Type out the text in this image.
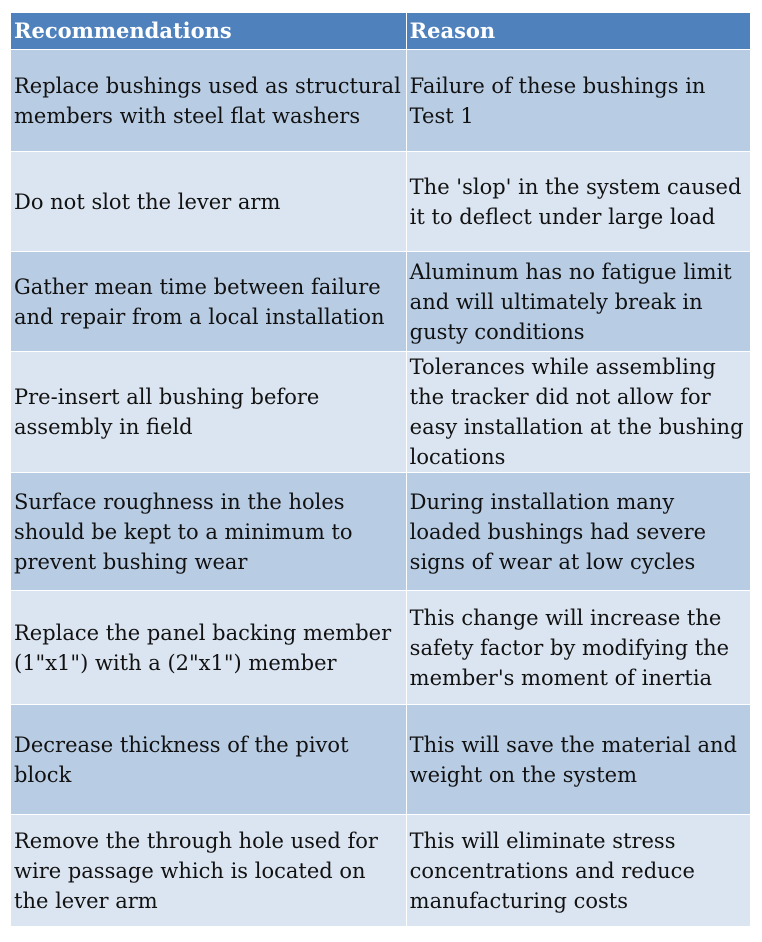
Recommendations	Reason
Replace bushings used as structural members with steel flat washers	Failure of these bushings in Test 1
Do not slot the lever arm	The 'slop' in the system caused it to deflect under large load
Gather mean time between failure and repair from a local installation	Aluminum has no fatigue limit and will ultimately break in gusty conditions
Pre-insert all bushing before assembly in field	Tolerances while assembling the tracker did not allow for easy installation at the bushing locations
Surface roughness in the holes should be kept to a minimum to prevent bushing wear	During installation many loaded bushings had severe signs of wear at low cycles
Replace the panel backing member (1"x1") with a (2"x1") member	This change will increase the safety factor by modifying the member's moment of inertia
Decrease thickness of the pivot block	This will save the material and weight on the system
Remove the through hole used for wire passage which is located on the lever arm	This will eliminate stress concentrations and reduce manufacturing costs
